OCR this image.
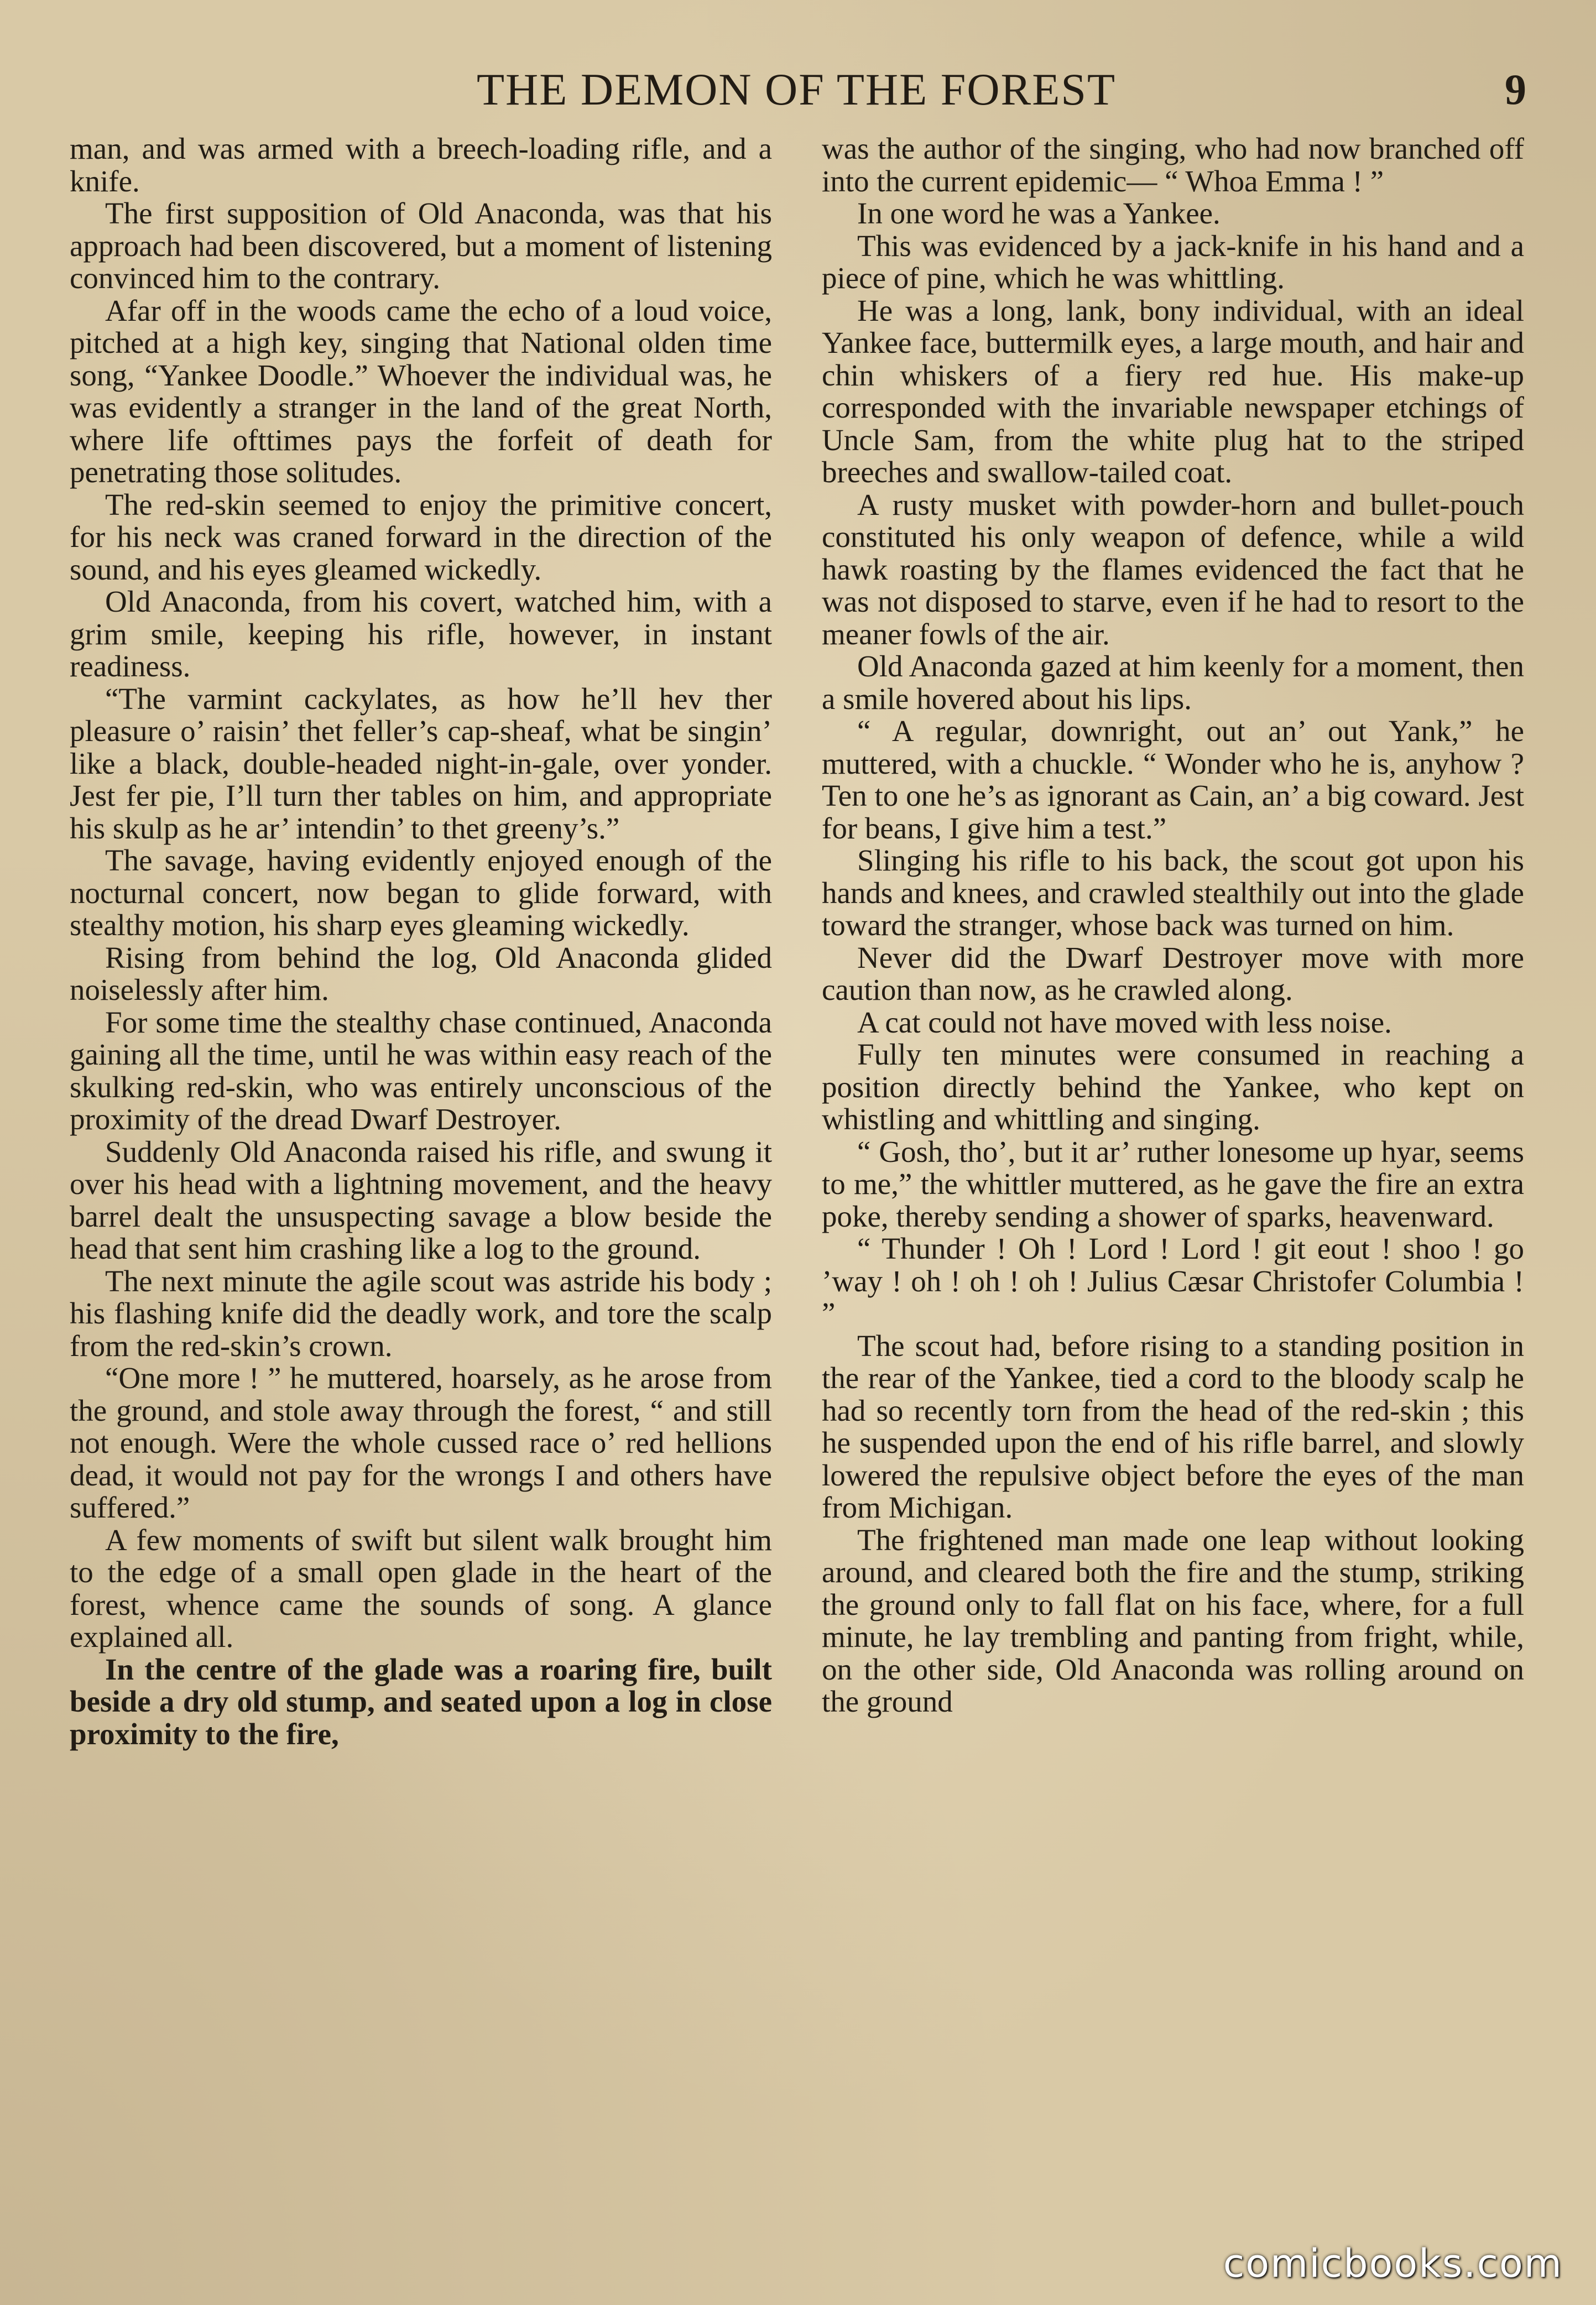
THE DEMON OF THE FOREST	9

man, and was armed with a breech-loading rifle, and a knife.

The first supposition of Old Anaconda, was that his approach had been discovered, but a moment of listening convinced him to the contrary.

Afar off in the woods came the echo of a loud voice, pitched at a high key, singing that National olden time song, “Yankee Doodle.” Whoever the individual was, he was evidently a stranger in the land of the great North, where life ofttimes pays the forfeit of death for penetrating those solitudes.

The red-skin seemed to enjoy the primitive concert, for his neck was craned forward in the direction of the sound, and his eyes gleamed wickedly.

Old Anaconda, from his covert, watched him, with a grim smile, keeping his rifle, however, in instant readiness.

“The varmint cackylates, as how he’ll hev ther pleasure o’ raisin’ thet feller’s cap-sheaf, what be singin’ like a black, double-headed night-in-gale, over yonder. Jest fer pie, I’ll turn ther tables on him, and appropriate his skulp as he ar’ intendin’ to thet greeny’s.”

The savage, having evidently enjoyed enough of the nocturnal concert, now began to glide forward, with stealthy motion, his sharp eyes gleaming wickedly.

Rising from behind the log, Old Anaconda glided noiselessly after him.

For some time the stealthy chase continued, Anaconda gaining all the time, until he was within easy reach of the skulking red-skin, who was entirely unconscious of the proximity of the dread Dwarf Destroyer.

Suddenly Old Anaconda raised his rifle, and swung it over his head with a lightning movement, and the heavy barrel dealt the unsuspecting savage a blow beside the head that sent him crashing like a log to the ground.

The next minute the agile scout was astride his body ; his flashing knife did the deadly work, and tore the scalp from the red-skin’s crown.

“One more ! ” he muttered, hoarsely, as he arose from the ground, and stole away through the forest, “ and still not enough. Were the whole cussed race o’ red hellions dead, it would not pay for the wrongs I and others have suffered.”

A few moments of swift but silent walk brought him to the edge of a small open glade in the heart of the forest, whence came the sounds of song. A glance explained all.

In the centre of the glade was a roaring fire, built beside a dry old stump, and seated upon a log in close proximity to the fire,

was the author of the singing, who had now branched off into the current epidemic— “ Whoa Emma ! ”

In one word he was a Yankee.

This was evidenced by a jack-knife in his hand and a piece of pine, which he was whittling.

He was a long, lank, bony individual, with an ideal Yankee face, buttermilk eyes, a large mouth, and hair and chin whiskers of a fiery red hue. His make-up corresponded with the invariable newspaper etchings of Uncle Sam, from the white plug hat to the striped breeches and swallow-tailed coat.

A rusty musket with powder-horn and bullet-pouch constituted his only weapon of defence, while a wild hawk roasting by the flames evidenced the fact that he was not disposed to starve, even if he had to resort to the meaner fowls of the air.

Old Anaconda gazed at him keenly for a moment, then a smile hovered about his lips.

“ A regular, downright, out an’ out Yank,” he muttered, with a chuckle. “ Wonder who he is, anyhow ? Ten to one he’s as ignorant as Cain, an’ a big coward. Jest for beans, I give him a test.”

Slinging his rifle to his back, the scout got upon his hands and knees, and crawled stealthily out into the glade toward the stranger, whose back was turned on him.

Never did the Dwarf Destroyer move with more caution than now, as he crawled along.

A cat could not have moved with less noise.

Fully ten minutes were consumed in reaching a position directly behind the Yankee, who kept on whistling and whittling and singing.

“ Gosh, tho’, but it ar’ ruther lonesome up hyar, seems to me,” the whittler muttered, as he gave the fire an extra poke, thereby sending a shower of sparks, heavenward.

“ Thunder ! Oh ! Lord ! Lord ! git eout ! shoo ! go ’way ! oh ! oh ! oh ! Julius Cæsar Christofer Columbia ! ”

The scout had, before rising to a standing position in the rear of the Yankee, tied a cord to the bloody scalp he had so recently torn from the head of the red-skin ; this he suspended upon the end of his rifle barrel, and slowly lowered the repulsive object before the eyes of the man from Michigan.

The frightened man made one leap without looking around, and cleared both the fire and the stump, striking the ground only to fall flat on his face, where, for a full minute, he lay trembling and panting from fright, while, on the other side, Old Anaconda was rolling around on the ground

comicbooks.com
